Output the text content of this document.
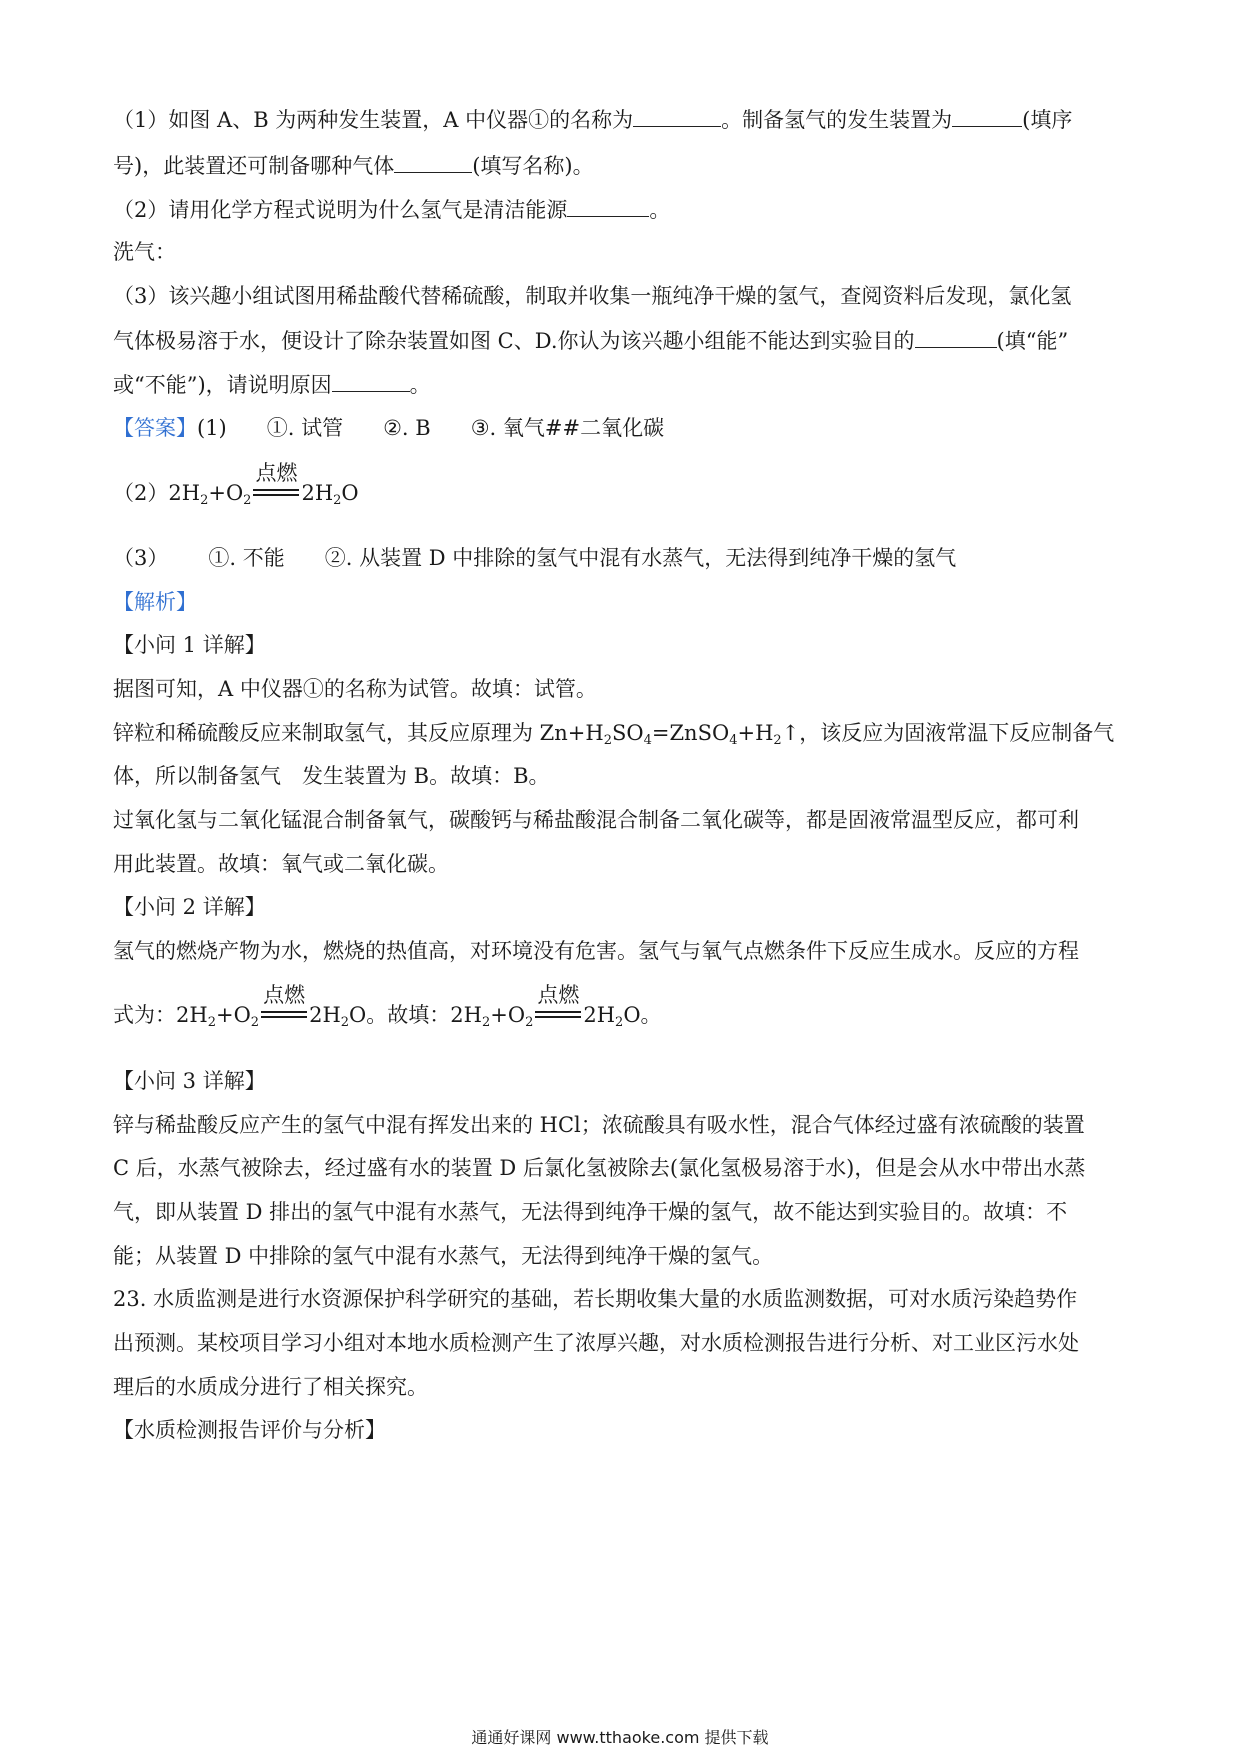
（1）如图 A、B 为两种发生装置，A 中仪器①的名称为	。制备氢气的发生装置为	(填序
号)，此装置还可制备哪种气体	(填写名称)。
（2）请用化学方程式说明为什么氢气是清洁能源	。
洗气：
（3）该兴趣小组试图用稀盐酸代替稀硫酸，制取并收集一瓶纯净干燥的氢气，查阅资料后发现，氯化氢
气体极易溶于水，便设计了除杂装置如图 C、D.你认为该兴趣小组能不能达到实验目的	(填“能”
或“不能”)，请说明原因	。
【答案】(1) ①. 试管 ②. B ③. 氧气##二氧化碳
$(2)2H_2+O_2$
点燃
$2H_2O$
（3） ①. 不能 ②. 从装置 D 中排除的氢气中混有水蒸气，无法得到纯净干燥的氢气
【解析】
【小问 1 详解】
据图可知，A 中仪器①的名称为试管。故填：试管。
锌粒和稀硫酸反应来制取氢气，其反应原理为 $Zn+H_2SO_4=ZnSO_4+H_2↑$，该反应为固液常温下反应制备气
体，所以制备氢气　发生装置为 B。故填：B。
过氧化氢与二氧化锰混合制备氧气，碳酸钙与稀盐酸混合制备二氧化碳等，都是固液常温型反应，都可利
用此装置。故填：氧气或二氧化碳。
【小问 2 详解】
氢气的燃烧产物为水，燃烧的热值高，对环境没有危害。氢气与氧气点燃条件下反应生成水。反应的方程
式为：$2H_2+O_2$
点燃
$2H_2O$。故填：$2H_2+O_2$
点燃
$2H_2O$。
【小问 3 详解】
锌与稀盐酸反应产生的氢气中混有挥发出来的 HCl；浓硫酸具有吸水性，混合气体经过盛有浓硫酸的装置
C 后，水蒸气被除去，经过盛有水的装置 D 后氯化氢被除去(氯化氢极易溶于水)，但是会从水中带出水蒸
气，即从装置 D 排出的氢气中混有水蒸气，无法得到纯净干燥的氢气，故不能达到实验目的。故填：不
能；从装置 D 中排除的氢气中混有水蒸气，无法得到纯净干燥的氢气。
23. 水质监测是进行水资源保护科学研究的基础，若长期收集大量的水质监测数据，可对水质污染趋势作
出预测。某校项目学习小组对本地水质检测产生了浓厚兴趣，对水质检测报告进行分析、对工业区污水处
理后的水质成分进行了相关探究。
【水质检测报告评价与分析】
通通好课网 www.tthaoke.com 提供下载
